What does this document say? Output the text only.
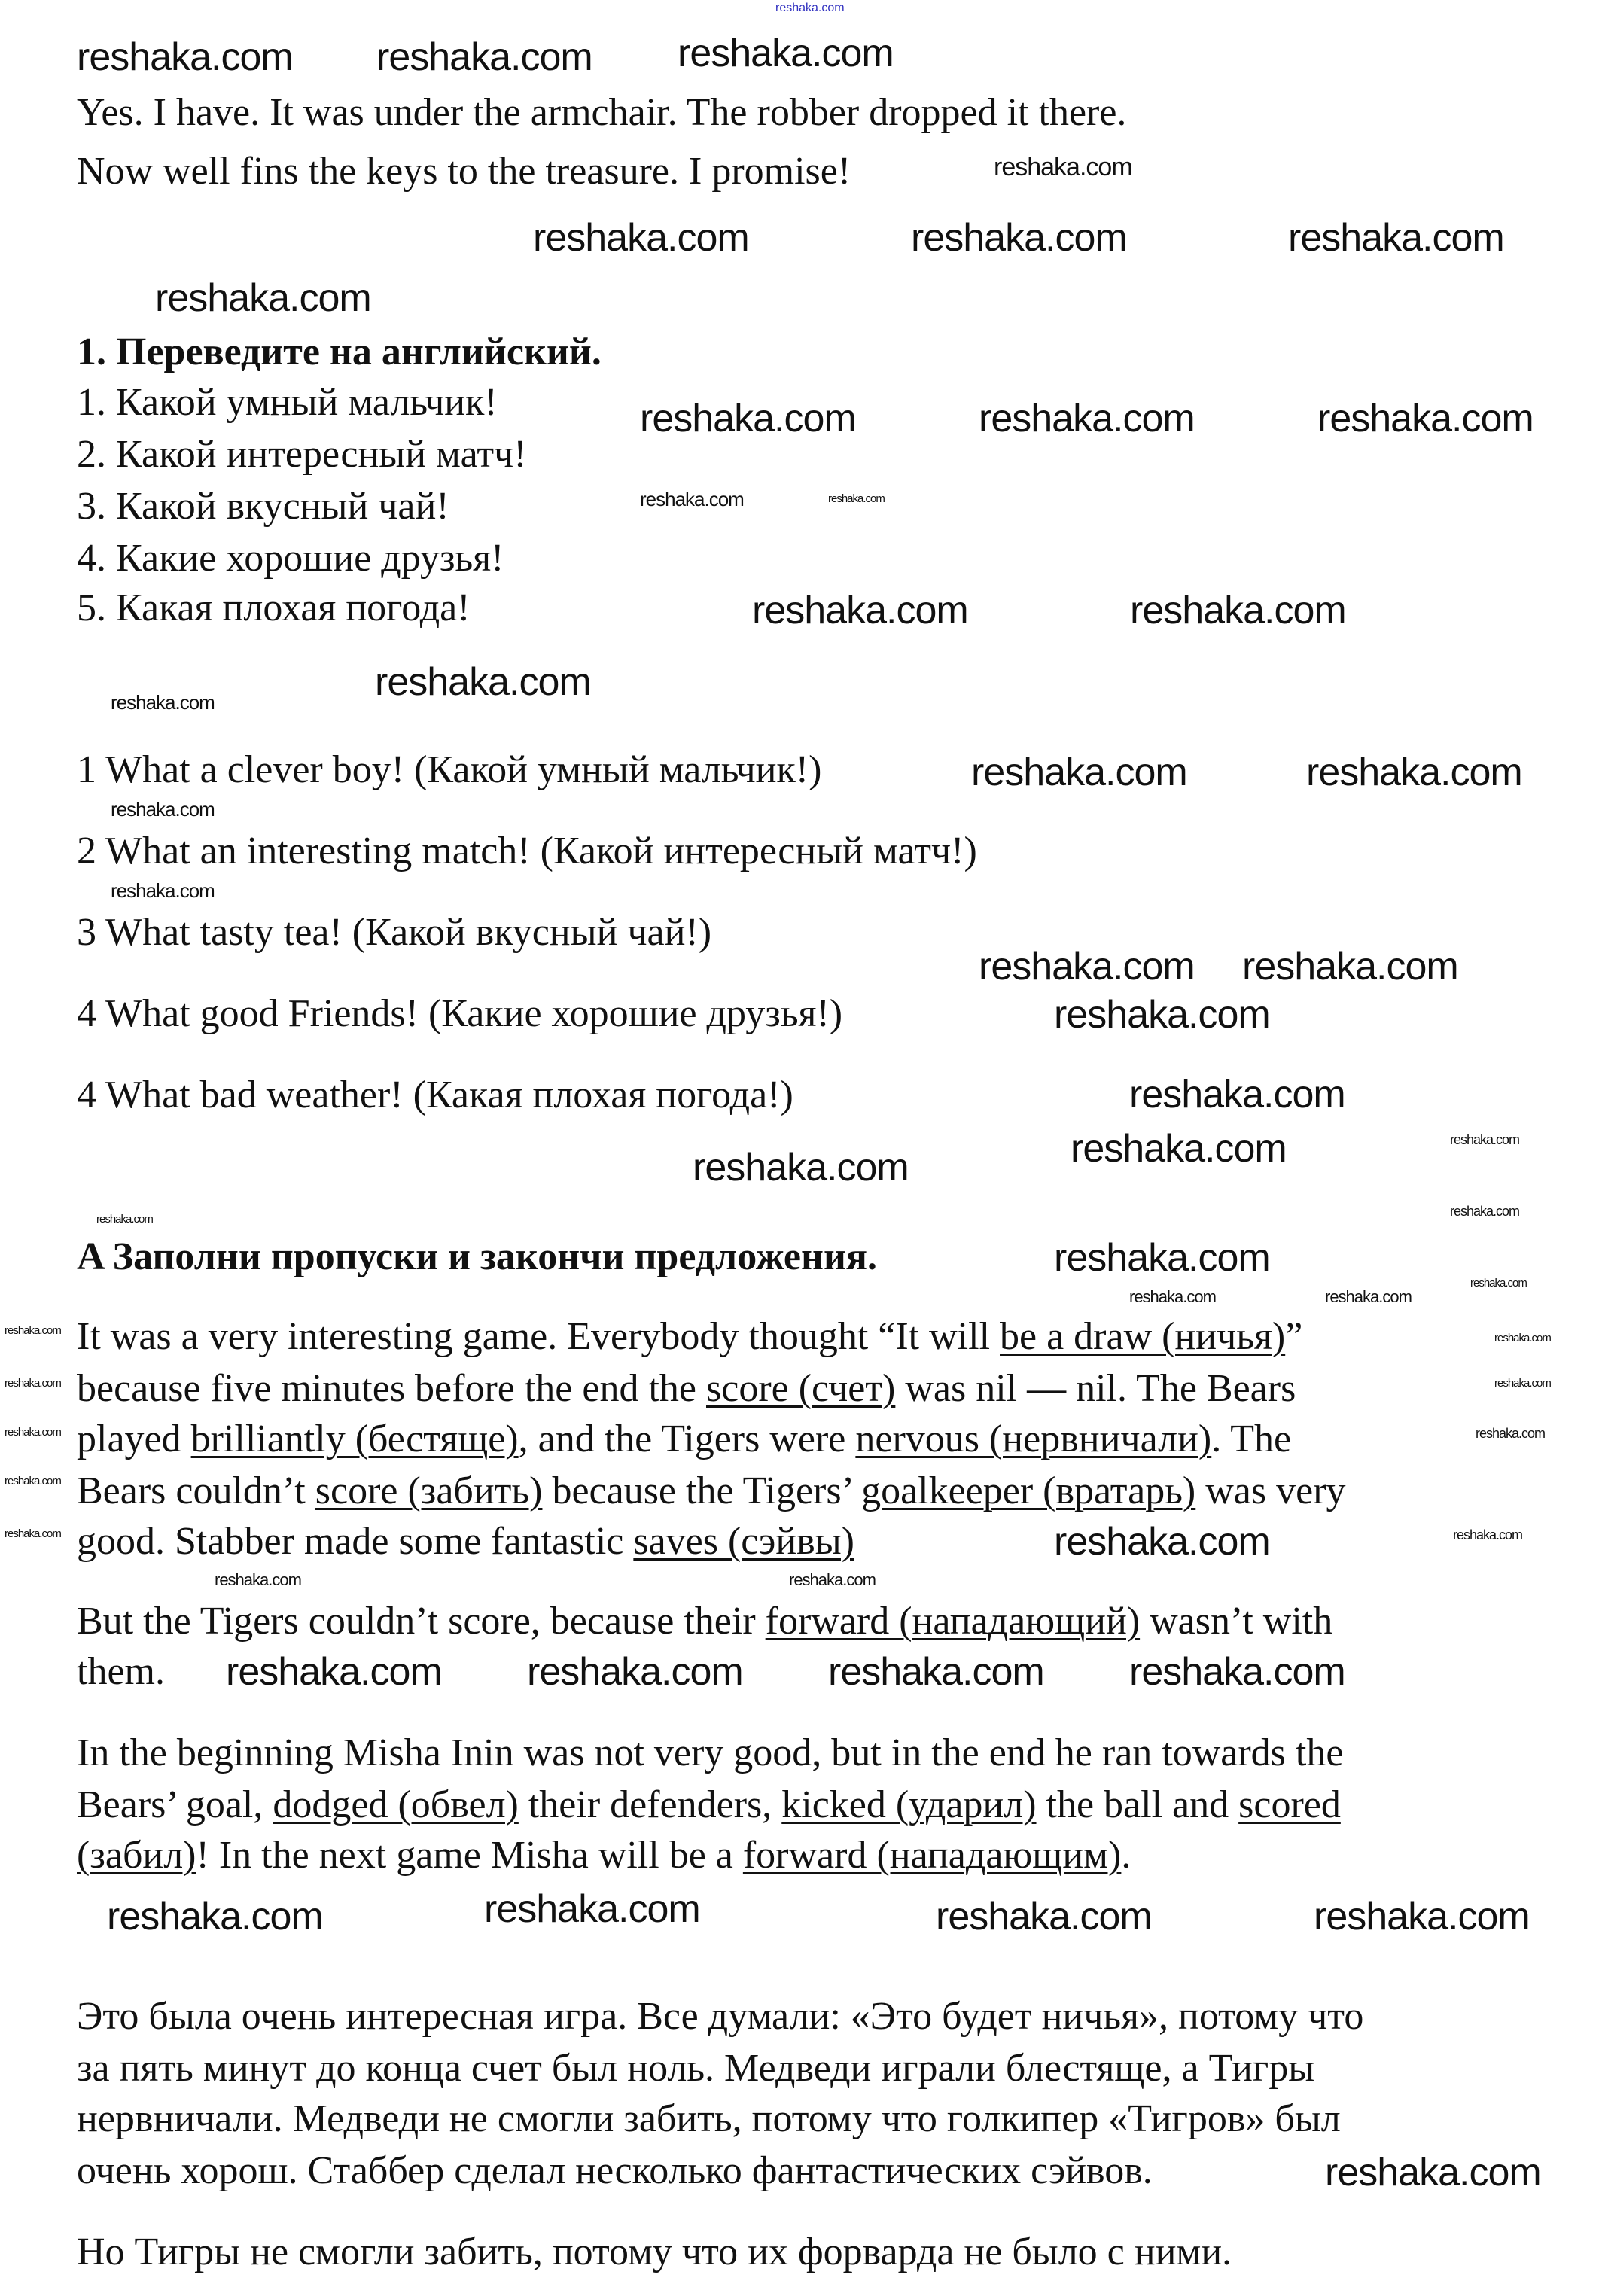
reshaka.com
Yes. I have. It was under the armchair. The robber dropped it there.
Now well fins the keys to the treasure. I promise!
1. Переведите на английский.
1. Какой умный мальчик!
2. Какой интересный матч!
3. Какой вкусный чай!
4. Какие хорошие друзья!
5. Какая плохая погода!
1 What a clever boy! (Какой умный мальчик!)
2 What an interesting match! (Какой интересный матч!)
3 What tasty tea! (Какой вкусный чай!)
4 What good Friends! (Какие хорошие друзья!)
4 What bad weather! (Какая плохая погода!)
A Заполни пропуски и закончи предложения.
It was a very interesting game. Everybody thought “It will be a draw (ничья)”
because five minutes before the end the score (счет) was nil — nil. The Bears
played brilliantly (бестяще), and the Tigers were nervous (нервничали). The
Bears couldn’t score (забить) because the Tigers’ goalkeeper (вратарь) was very
good. Stabber made some fantastic saves (сэйвы)
But the Tigers couldn’t score, because their forward (нападающий) wasn’t with
them.
In the beginning Misha Inin was not very good, but in the end he ran towards the
Bears’ goal, dodged (обвел) their defenders, kicked (ударил) the ball and scored
(забил)! In the next game Misha will be a forward (нападающим).
Это была очень интересная игра. Все думали: «Это будет ничья», потому что
за пять минут до конца счет был ноль. Медведи играли блестяще, а Тигры
нервничали. Медведи не смогли забить, потому что голкипер «Тигров» был
очень хорош. Стаббер сделал несколько фантастических сэйвов.
Но Тигры не смогли забить, потому что их форварда не было с ними.
reshaka.com
reshaka.com	reshaka.com	reshaka.com
reshaka.com
reshaka.com	reshaka.com	reshaka.com
reshaka.com	reshaka.com
reshaka.com	reshaka.com
reshaka.com	reshaka.com
reshaka.com
reshaka.com	reshaka.com
reshaka.com
reshaka.com reshaka.com
reshaka.com
reshaka.com
reshaka.com	reshaka.com	reshaka.com
reshaka.com
reshaka.com
reshaka.com
reshaka.com
reshaka.com
reshaka.com	reshaka.com
reshaka.com
reshaka.com
reshaka.com
reshaka.com
reshaka.com	reshaka.com
reshaka.com
reshaka.com
reshaka.com	reshaka.com	reshaka.com
reshaka.com reshaka.com reshaka.com reshaka.com
reshaka.com	reshaka.com	reshaka.com	reshaka.com
reshaka.com
reshaka.com reshaka.com reshaka.com
